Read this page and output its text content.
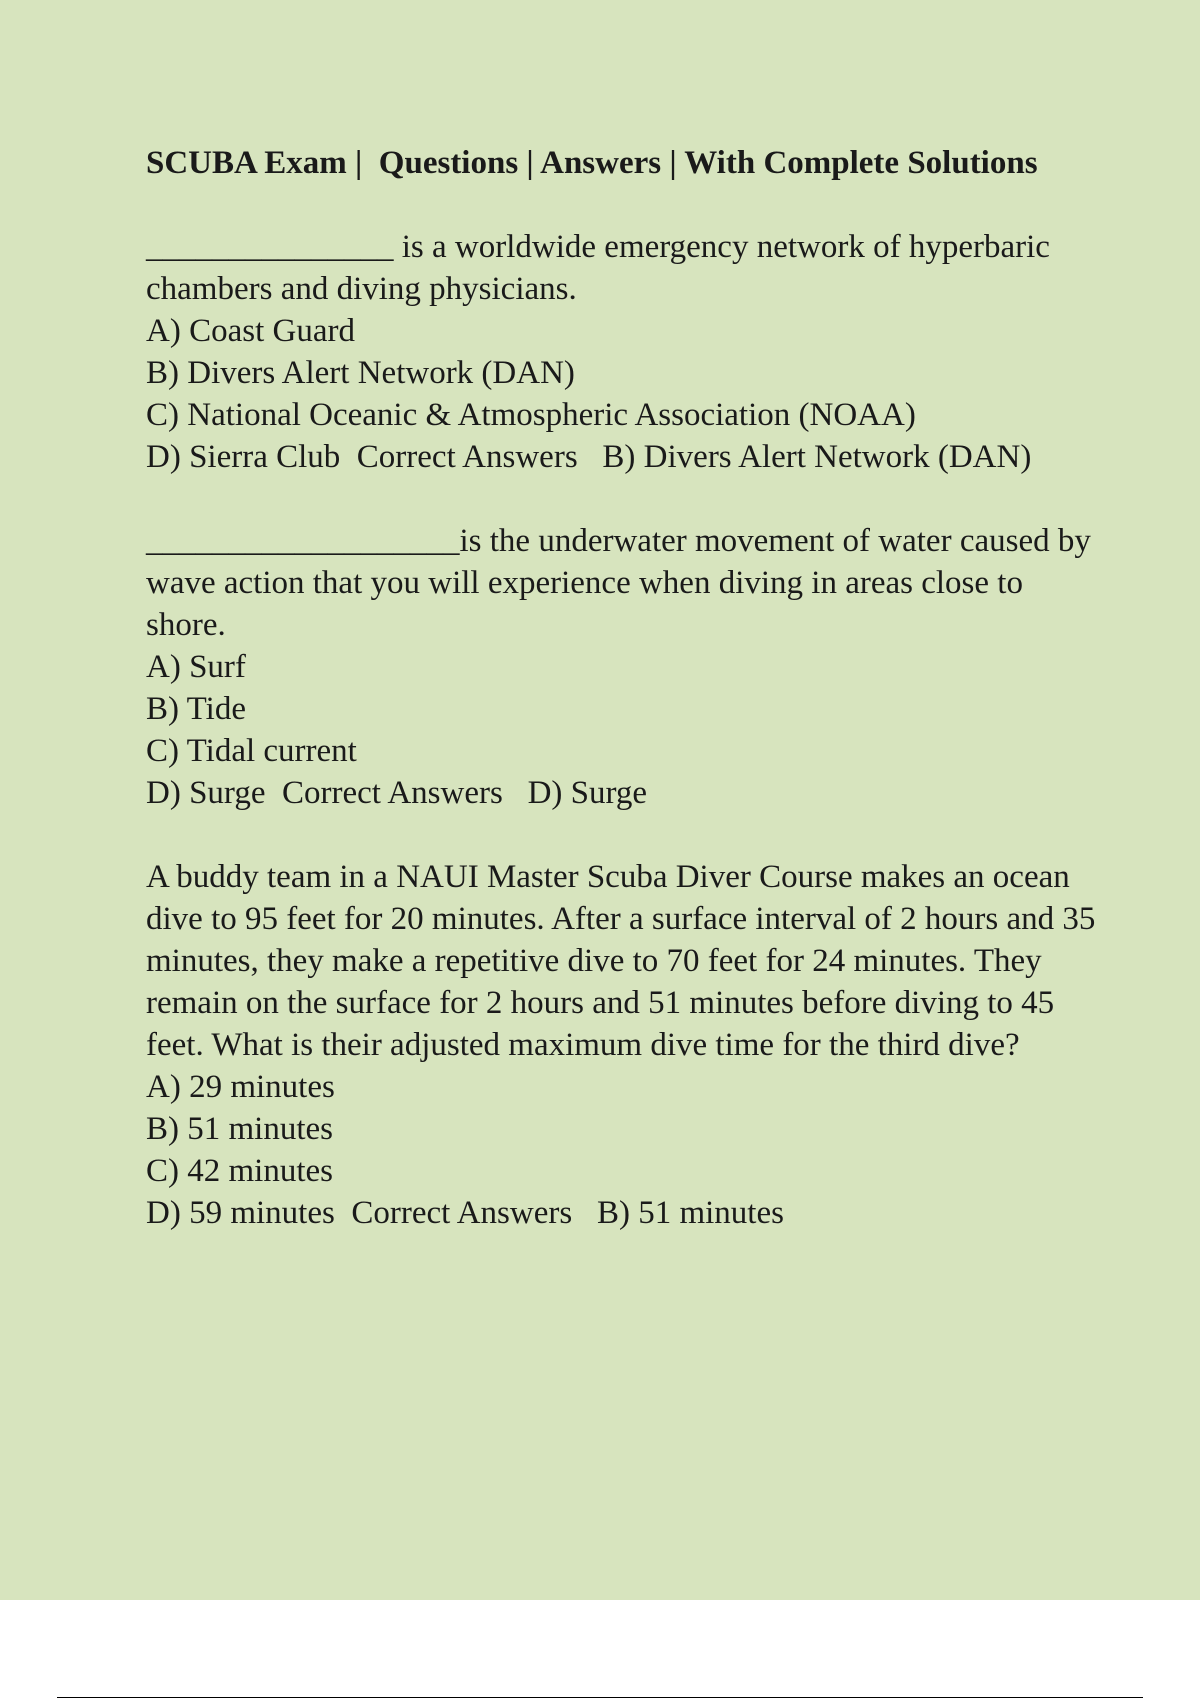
SCUBA Exam |  Questions | Answers | With Complete Solutions
_______________ is a worldwide emergency network of hyperbaric chambers and diving physicians.
A) Coast Guard
B) Divers Alert Network (DAN)
C) National Oceanic & Atmospheric Association (NOAA)
D) Sierra Club Correct Answers B) Divers Alert Network (DAN)
___________________is the underwater movement of water caused by wave action that you will experience when diving in areas close to shore.
A) Surf
B) Tide
C) Tidal current
D) Surge Correct Answers D) Surge
A buddy team in a NAUI Master Scuba Diver Course makes an ocean dive to 95 feet for 20 minutes. After a surface interval of 2 hours and 35 minutes, they make a repetitive dive to 70 feet for 24 minutes. They remain on the surface for 2 hours and 51 minutes before diving to 45 feet. What is their adjusted maximum dive time for the third dive?
A) 29 minutes
B) 51 minutes
C) 42 minutes
D) 59 minutes Correct Answers B) 51 minutes
